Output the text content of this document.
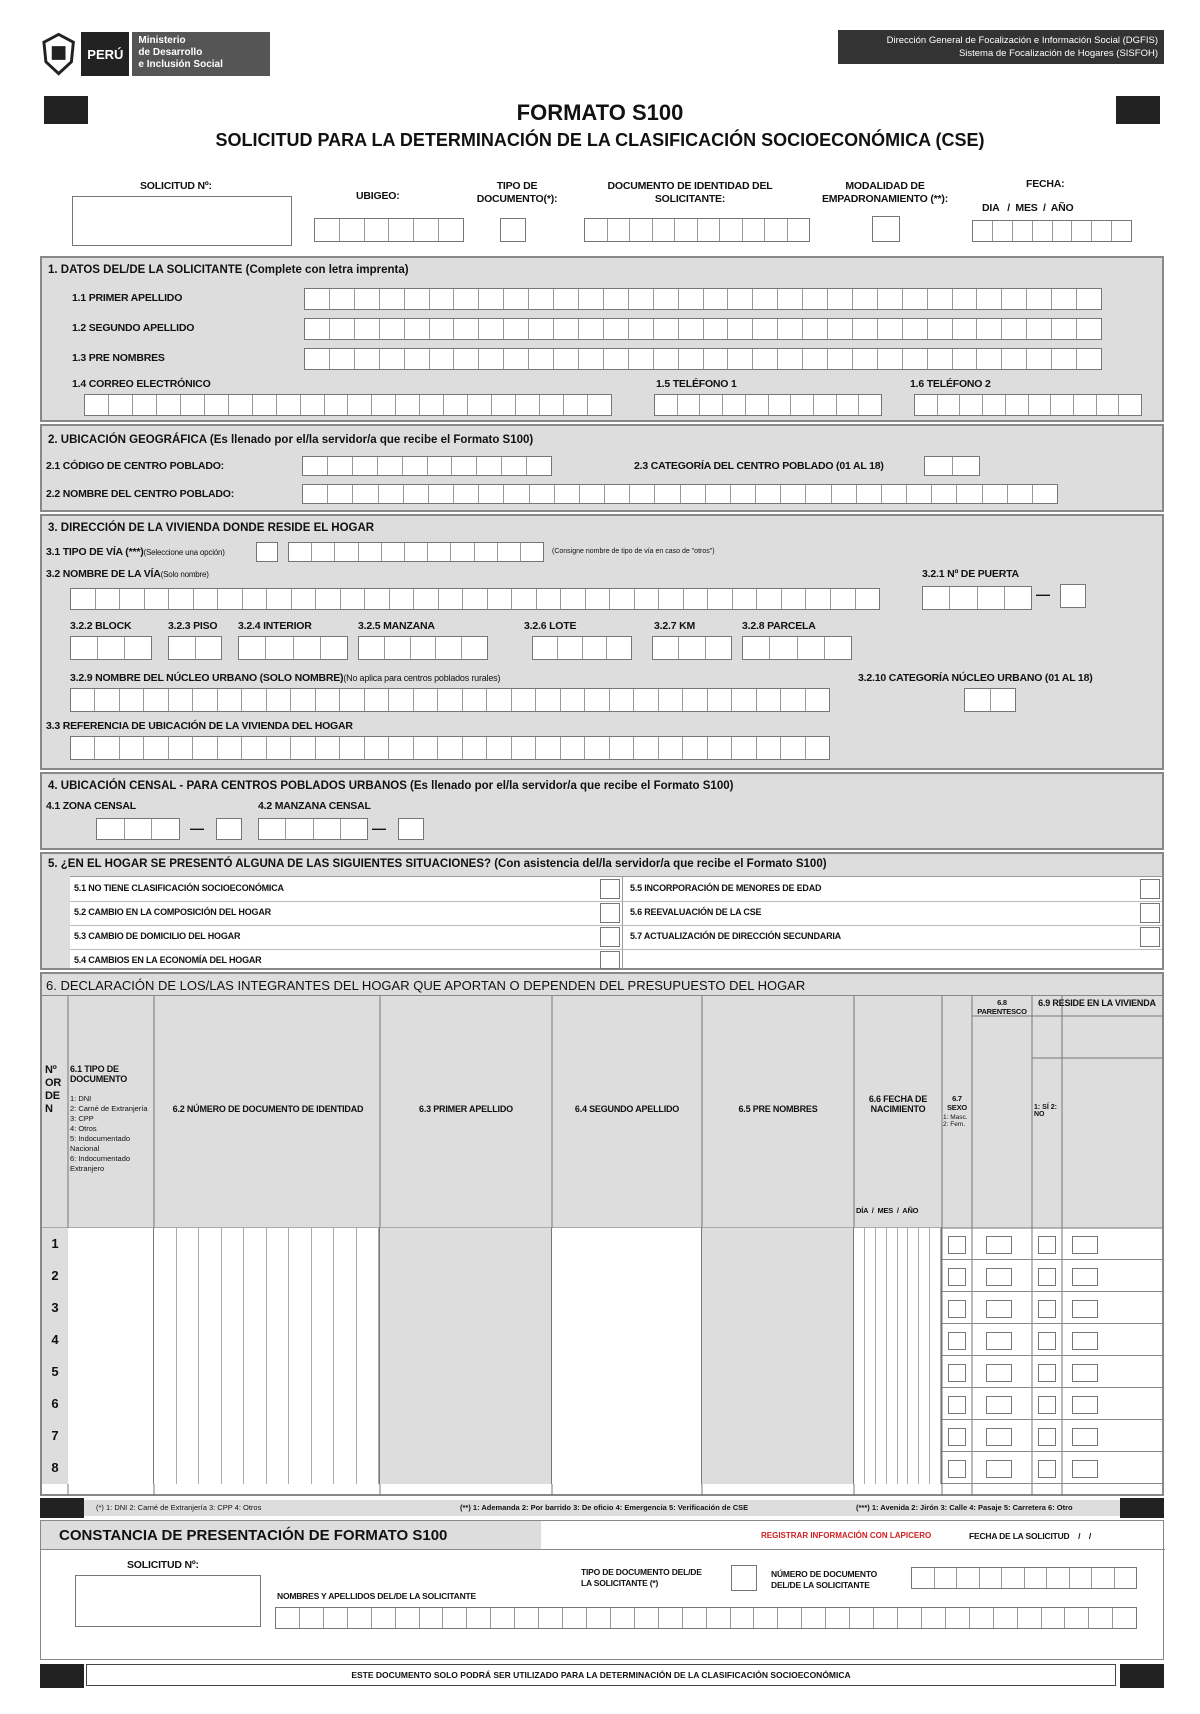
PERÚ
Ministerio
de Desarrollo
e Inclusión Social
Dirección General de Focalización e Información Social (DGFIS)
Sistema de Focalización de Hogares (SISFOH)
FORMATO S100
SOLICITUD PARA LA DETERMINACIÓN DE LA CLASIFICACIÓN SOCIOECONÓMICA (CSE)
SOLICITUD Nº:
UBIGEO:
TIPO DE
DOCUMENTO(*):
DOCUMENTO DE IDENTIDAD DEL
SOLICITANTE:
MODALIDAD DE
EMPADRONAMIENTO (**):
FECHA:
DIA   /  MES  /  AÑO
1. DATOS DEL/DE LA SOLICITANTE (Complete con letra imprenta)
1.1 PRIMER APELLIDO
1.2 SEGUNDO APELLIDO
1.3 PRE NOMBRES
1.4 CORREO ELECTRÓNICO	1.5 TELÉFONO 1	1.6 TELÉFONO 2
2. UBICACIÓN GEOGRÁFICA (Es llenado por el/la servidor/a que recibe el Formato S100)
2.1 CÓDIGO DE CENTRO POBLADO:	2.3 CATEGORÍA DEL CENTRO POBLADO (01 AL 18)
2.2 NOMBRE DEL CENTRO POBLADO:
3. DIRECCIÓN DE LA VIVIENDA DONDE RESIDE EL HOGAR
3.1 TIPO DE VÍA (***)(Seleccione una opción)	(Consigne nombre de tipo de vía en caso de "otros")
3.2 NOMBRE DE LA VÍA(Solo nombre)	3.2.1 Nº DE PUERTA
—
3.2.2 BLOCK	3.2.3 PISO 3.2.4 INTERIOR	3.2.5 MANZANA	3.2.6 LOTE	3.2.7 KM	3.2.8 PARCELA
3.2.9 NOMBRE DEL NÚCLEO URBANO (SOLO NOMBRE)(No aplica para centros poblados rurales)	3.2.10 CATEGORÍA NÚCLEO URBANO (01 AL 18)
3.3 REFERENCIA DE UBICACIÓN DE LA VIVIENDA DEL HOGAR
4. UBICACIÓN CENSAL - PARA CENTROS POBLADOS URBANOS (Es llenado por el/la servidor/a que recibe el Formato S100)
4.1 ZONA CENSAL
—
4.2 MANZANA CENSAL
—
5. ¿EN EL HOGAR SE PRESENTÓ ALGUNA DE LAS SIGUIENTES SITUACIONES? (Con asistencia del/la servidor/a que recibe el Formato S100)
5.1 NO TIENE CLASIFICACIÓN SOCIOECONÓMICA
5.2 CAMBIO EN LA COMPOSICIÓN DEL HOGAR
5.3 CAMBIO DE DOMICILIO DEL HOGAR
5.4 CAMBIOS EN LA ECONOMÍA DEL HOGAR
5.5 INCORPORACIÓN DE MENORES DE EDAD
5.6 REEVALUACIÓN DE LA CSE
5.7 ACTUALIZACIÓN DE DIRECCIÓN SECUNDARIA
6. DECLARACIÓN DE LOS/LAS INTEGRANTES DEL HOGAR QUE APORTAN O DEPENDEN DEL PRESUPUESTO DEL HOGAR
Nº ORDEN
6.1 TIPO DE DOCUMENTO
1: DNI
2: Carné de Extranjería
3: CPP
4: Otros
5: Indocumentado Nacional
6: Indocumentado Extranjero
6.2 NÚMERO DE DOCUMENTO DE IDENTIDAD	6.3 PRIMER APELLIDO	6.4 SEGUNDO APELLIDO	6.5 PRE NOMBRES
6.6 FECHA DE NACIMIENTO
DÍA  /  MES  /  AÑO
6.7 SEXO
1: Masc. 2: Fem.
6.8 PARENTESCO
6.9 RESIDE EN LA VIVIENDA
1: SÍ 2: NO
1
2
3
4
5
6
7
8
(*) 1: DNI 2: Carné de Extranjería 3: CPP 4: Otros	(**) 1: Ademanda 2: Por barrido 3: De oficio 4: Emergencia 5: Verificación de CSE	(***) 1: Avenida 2: Jirón 3: Calle 4: Pasaje 5: Carretera 6: Otro
CONSTANCIA DE PRESENTACIÓN DE FORMATO S100	REGISTRAR INFORMACIÓN CON LAPICERO	FECHA DE LA SOLICITUD    /    /
SOLICITUD Nº:
NOMBRES Y APELLIDOS DEL/DE LA SOLICITANTE
TIPO DE DOCUMENTO DEL/DE
LA SOLICITANTE (*)
NÚMERO DE DOCUMENTO
DEL/DE LA SOLICITANTE
ESTE DOCUMENTO SOLO PODRÁ SER UTILIZADO PARA LA DETERMINACIÓN DE LA CLASIFICACIÓN SOCIOECONÓMICA
